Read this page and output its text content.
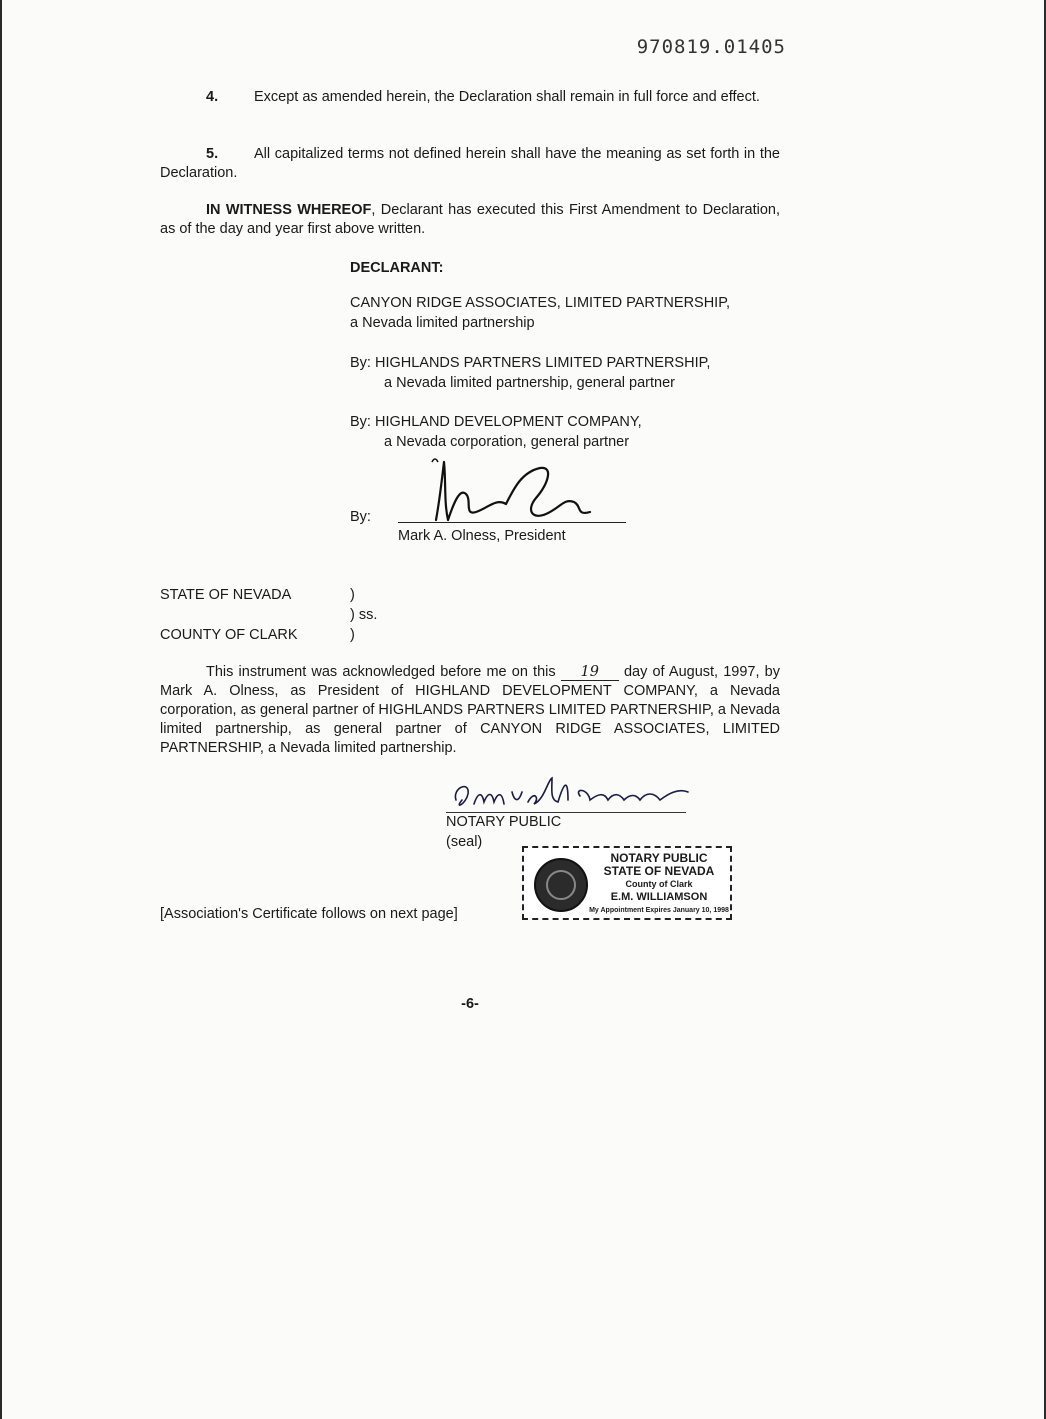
970819.01405
4. Except as amended herein, the Declaration shall remain in full force and effect.
5. All capitalized terms not defined herein shall have the meaning as set forth in the Declaration.
IN WITNESS WHEREOF, Declarant has executed this First Amendment to Declaration, as of the day and year first above written.
DECLARANT:
CANYON RIDGE ASSOCIATES, LIMITED PARTNERSHIP,
a Nevada limited partnership
By: HIGHLANDS PARTNERS LIMITED PARTNERSHIP,
a Nevada limited partnership, general partner
By: HIGHLAND DEVELOPMENT COMPANY,
a Nevada corporation, general partner
By:
Mark A. Olness, President
STATE OF NEVADA	)
) ss.
COUNTY OF CLARK	)
This instrument was acknowledged before me on this 19 day of August, 1997, by Mark A. Olness, as President of HIGHLAND DEVELOPMENT COMPANY, a Nevada corporation, as general partner of HIGHLANDS PARTNERS LIMITED PARTNERSHIP, a Nevada limited partnership, as general partner of CANYON RIDGE ASSOCIATES, LIMITED PARTNERSHIP, a Nevada limited partnership.
NOTARY PUBLIC
(seal)
NOTARY PUBLIC
STATE OF NEVADA
County of Clark
E.M. WILLIAMSON
My Appointment Expires January 10, 1998
[Association's Certificate follows on next page]
-6-
